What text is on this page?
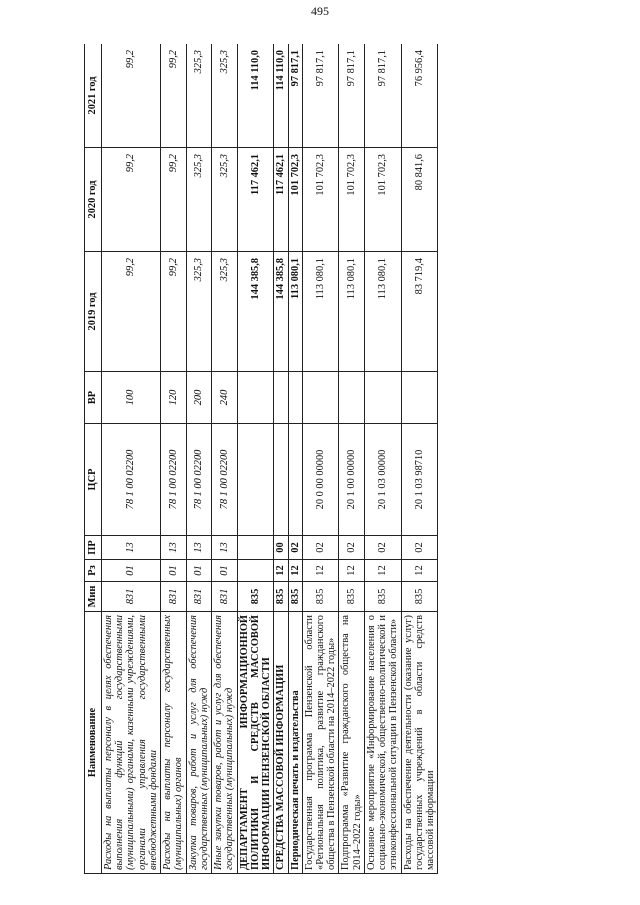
495
Наименование	Мин	Рз	ПР	ЦСР	ВР	2019 год	2020 год	2021 год
Расходы на выплаты персоналу в целях обеспечения выполнения функций государственными (муниципальными) органами, казенными учреждениями, органами управления государственными внебюджетными фондами	831	01	13	78 1 00 02200	100	99,2	99,2	99,2
Расходы на выплаты персоналу государственных (муниципальных) органов	831	01	13	78 1 00 02200	120	99,2	99,2	99,2
Закупка товаров, работ и услуг для обеспечения государственных (муниципальных) нужд	831	01	13	78 1 00 02200	200	325,3	325,3	325,3
Иные закупки товаров, работ и услуг для обеспечения государственных (муниципальных) нужд	831	01	13	78 1 00 02200	240	325,3	325,3	325,3
ДЕПАРТАМЕНТ ИНФОРМАЦИОННОЙ ПОЛИТИКИ И СРЕДСТВ МАССОВОЙ ИНФОРМАЦИИ ПЕНЗЕНСКОЙ ОБЛАСТИ	835					144 385,8	117 462,1	114 110,0
СРЕДСТВА МАССОВОЙ ИНФОРМАЦИИ	835	12	00			144 385,8	117 462,1	114 110,0
Периодическая печать и издательства	835	12	02			113 080,1	101 702,3	97 817,1
Государственная программа Пензенской области «Региональная политика, развитие гражданского общества в Пензенской области на 2014–2022 годы»	835	12	02	20 0 00 00000		113 080,1	101 702,3	97 817,1
Подпрограмма «Развитие гражданского общества на 2014–2022 годы»	835	12	02	20 1 00 00000		113 080,1	101 702,3	97 817,1
Основное мероприятие «Информирование населения о социально-экономической, общественно-политической и этноконфессиональной ситуации в Пензенской области»	835	12	02	20 1 03 00000		113 080,1	101 702,3	97 817,1
Расходы на обеспечение деятельности (оказание услуг) государственных учреждений в области средств массовой информации	835	12	02	20 1 03 98710		83 719,4	80 841,6	76 956,4
